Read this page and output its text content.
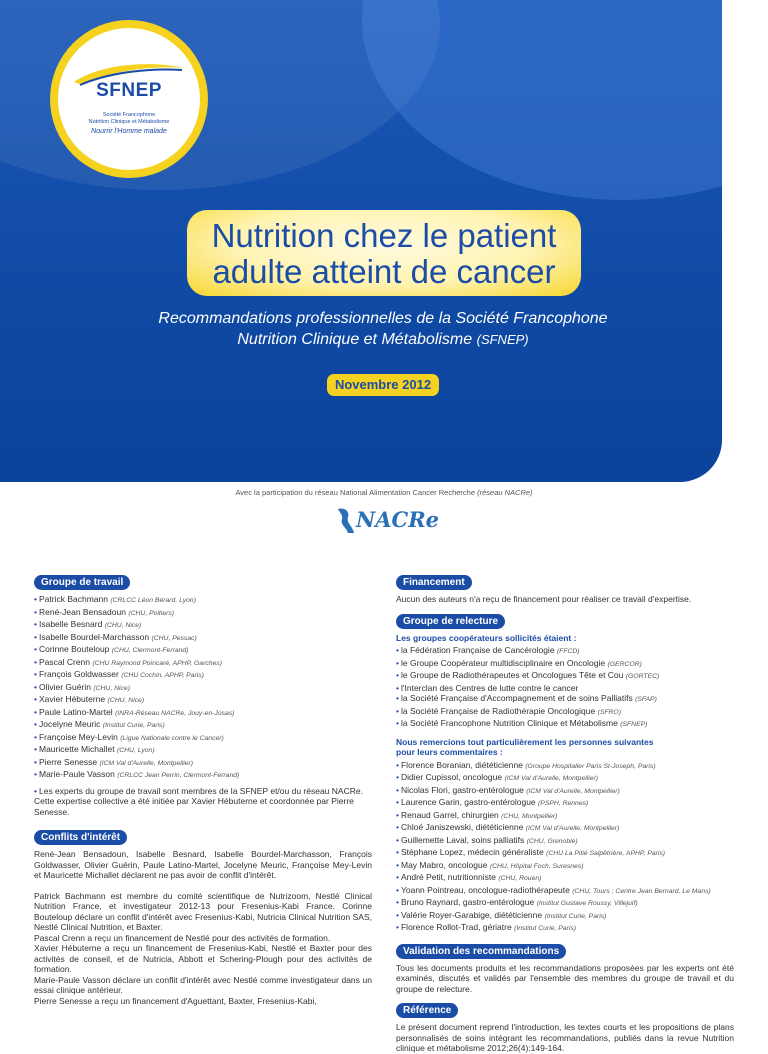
SFNEP
Société Francophone
Nutrition Clinique et Métabolisme
Nourrir l'Homme malade
Nutrition chez le patient
adulte atteint de cancer
Recommandations professionnelles de la Société Francophone
Nutrition Clinique et Métabolisme (SFNEP)
Novembre 2012
Avec la participation du réseau National Alimentation Cancer Recherche (réseau NACRe)
NACRe
Groupe de travail
• Patrick Bachmann (CRLCC Léon Bérard, Lyon)
• René-Jean Bensadoun (CHU, Poitiers)
• Isabelle Besnard (CHU, Nice)
• Isabelle Bourdel-Marchasson (CHU, Pessac)
• Corinne Bouteloup (CHU, Clermont-Ferrand)
• Pascal Crenn (CHU Raymond Poincaré, APHP, Garches)
• François Goldwasser (CHU Cochin, APHP, Paris)
• Olivier Guérin (CHU, Nice)
• Xavier Hébuterne (CHU, Nice)
• Paule Latino-Martel (INRA-Réseau NACRe, Jouy-en-Josas)
• Jocelyne Meuric (Institut Curie, Paris)
• Françoise Mey-Levin (Ligue Nationale contre le Cancer)
• Mauricette Michallet (CHU, Lyon)
• Pierre Senesse (ICM Val d'Aurelle, Montpellier)
• Marie-Paule Vasson (CRLCC Jean Perrin, Clermont-Ferrand)
• Les experts du groupe de travail sont membres de la SFNEP et/ou du réseau NACRe. Cette expertise collective a été initiée par Xavier Hébuterne et coordonnée par Pierre Senesse.
Conflits d'intérêt

René-Jean Bensadoun, Isabelle Besnard, Isabelle Bourdel-Marchasson, François Goldwasser, Olivier Guérin, Paule Latino-Martel, Jocelyne Meuric, Françoise Mey-Levin et Mauricette Michallet déclarent ne pas avoir de conflit d'intérêt.

Patrick Bachmann est membre du comité scientifique de Nutrizoom, Nestlé Clinical Nutrition France, et investigateur 2012-13 pour Fresenius-Kabi France. Corinne Bouteloup déclare un conflit d'intérêt avec Fresenius-Kabi, Nutricia Clinical Nutrition SAS, Nestlé Clinical Nutrition, et Baxter.

Pascal Crenn a reçu un financement de Nestlé pour des activités de formation.

Xavier Hébuterne a reçu un financement de Fresenius-Kabi, Nestlé et Baxter pour des activités de conseil, et de Nutricia, Abbott et Schering-Plough pour des activités de formation.

Marie-Paule Vasson déclare un conflit d'intérêt avec Nestlé comme investigateur dans un essai clinique antérieur.

Pierre Senesse a reçu un financement d'Aguettant, Baxter, Fresenius-Kabi,

Financement

Aucun des auteurs n'a reçu de financement pour réaliser ce travail d'expertise.

Groupe de relecture

Les groupes coopérateurs sollicités étaient :

• la Fédération Française de Cancérologie (FFCD)
• le Groupe Coopérateur multidisciplinaire en Oncologie (GERCOR)
• le Groupe de Radiothérapeutes et Oncologues Tête et Cou (GORTEC)
• l'Interclan des Centres de lutte contre le cancer
• la Société Française d'Accompagnement et de soins Palliatifs (SFAP)
• la Société Française de Radiothérapie Oncologique (SFRO)
• la Société Francophone Nutrition Clinique et Métabolisme (SFNEP)

Nous remercions tout particulièrement les personnes suivantes
pour leurs commentaires :

• Florence Boranian, diététicienne (Groupe Hospitalier Paris St-Joseph, Paris)
• Didier Cupissol, oncologue (ICM Val d'Aurelle, Montpellier)
• Nicolas Flori, gastro-entérologue (ICM Val d'Aurelle, Montpellier)
• Laurence Garin, gastro-entérologue (PSPH, Rennes)
• Renaud Garrel, chirurgien (CHU, Montpellier)
• Chloé Janiszewski, diététicienne (ICM Val d'Aurelle, Montpellier)
• Guillemette Laval, soins palliatifs (CHU, Grenoble)
• Stéphane Lopez, médecin généraliste (CHU La Pitié Salpêtrière, APHP, Paris)
• May Mabro, oncologue (CHU, Hôpital Foch, Suresnes)
• André Petit, nutritionniste (CHU, Rouen)
• Yoann Pointreau, oncologue-radiothérapeute (CHU, Tours ; Centre Jean Bernard, Le Mans)
• Bruno Raynard, gastro-entérologue (Institut Gustave Roussy, Villejuif)
• Valérie Royer-Garabige, diététicienne (Institut Curie, Paris)
• Florence Rollot-Trad, gériatre (Institut Curie, Paris)
Validation des recommandations

Tous les documents produits et les recommandations proposées par les experts ont été examinés, discutés et validés par l'ensemble des membres du groupe de travail et du groupe de relecture.

Référence

Le présent document reprend l'introduction, les textes courts et les propositions de plans personnalisés de soins intégrant les recommandations, publiés dans la revue Nutrition clinique et métabolisme 2012;26(4):149-164.
